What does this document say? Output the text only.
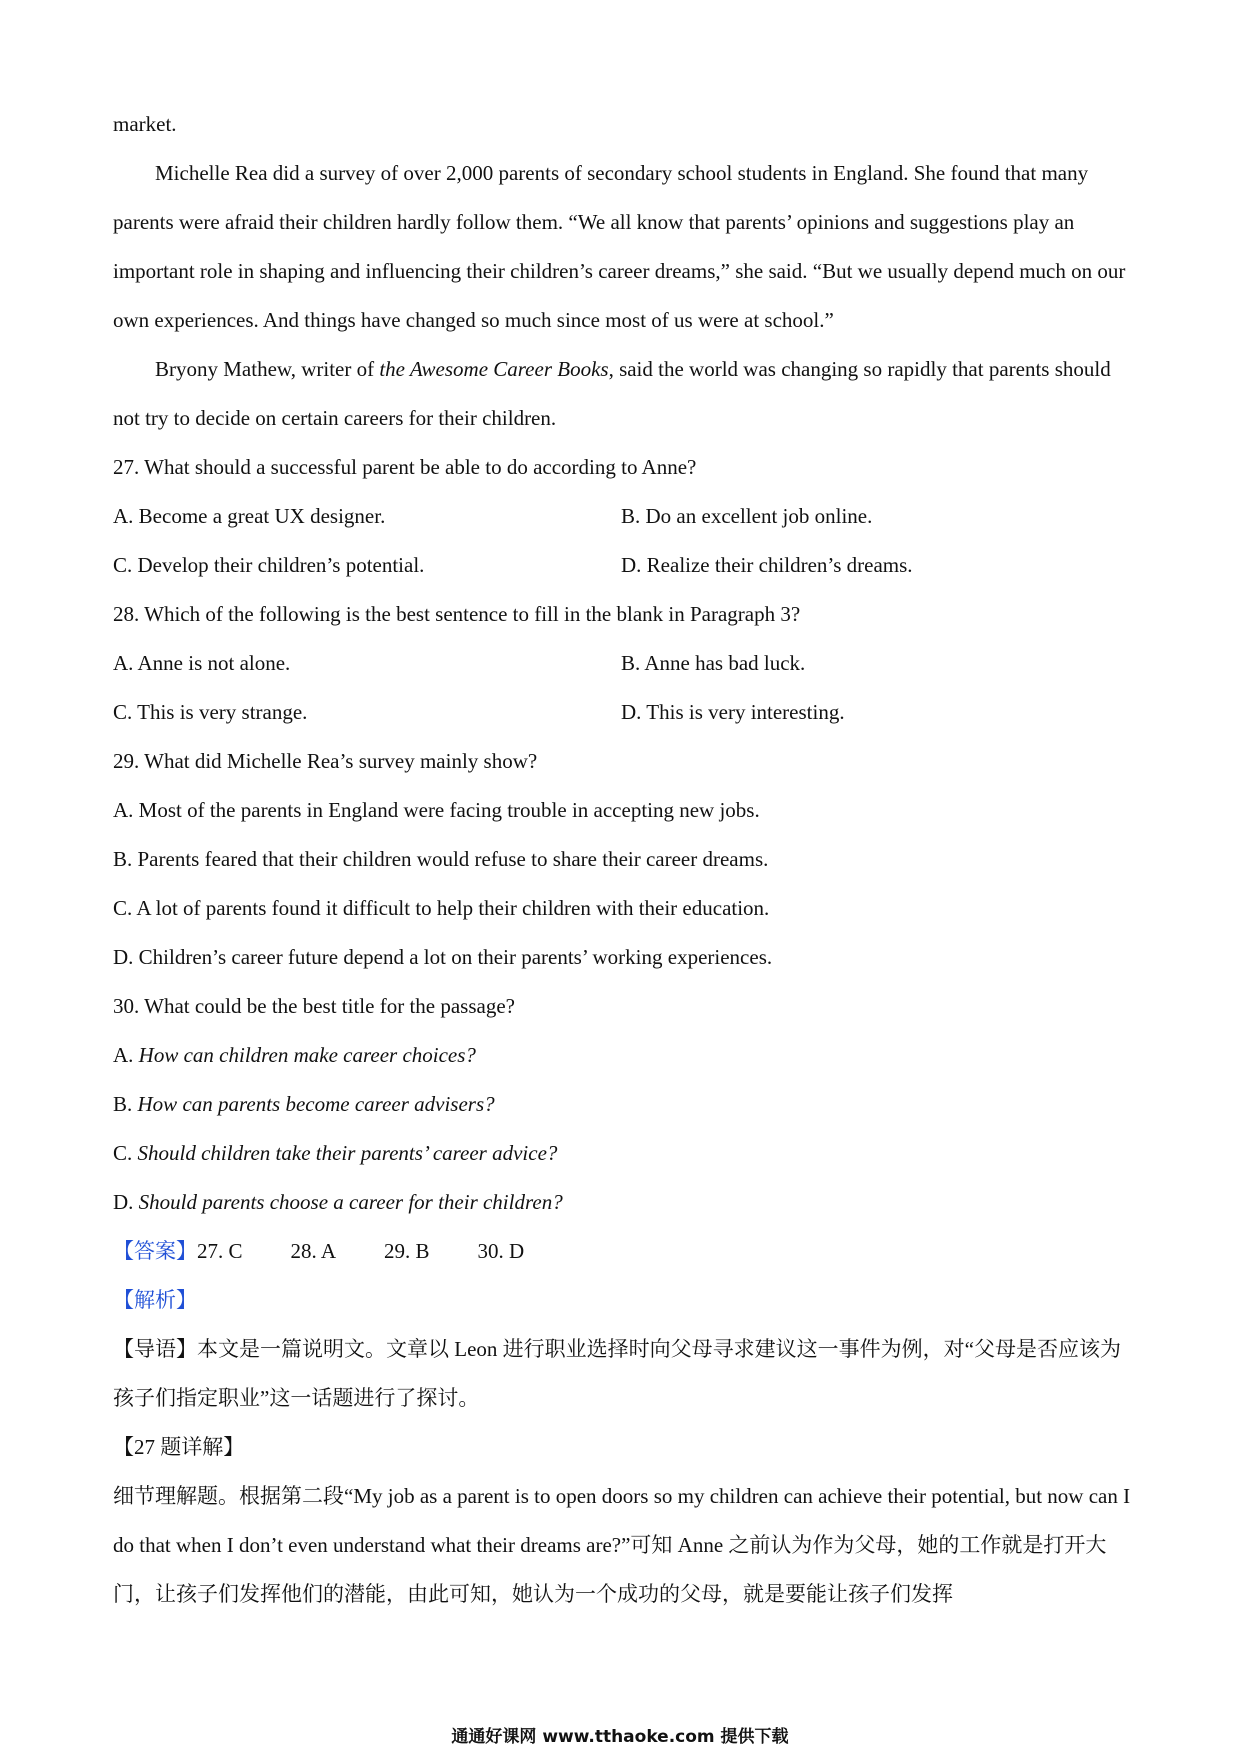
market.

Michelle Rea did a survey of over 2,000 parents of secondary school students in England. She found that many parents were afraid their children hardly follow them. “We all know that parents’ opinions and suggestions play an important role in shaping and influencing their children’s career dreams,” she said. “But we usually depend much on our own experiences. And things have changed so much since most of us were at school.”

Bryony Mathew, writer of the Awesome Career Books, said the world was changing so rapidly that parents should not try to decide on certain careers for their children.

27. What should a successful parent be able to do according to Anne?

A. Become a great UX designer.	B. Do an excellent job online.
C. Develop their children’s potential.	D. Realize their children’s dreams.

28. Which of the following is the best sentence to fill in the blank in Paragraph 3?

A. Anne is not alone.	B. Anne has bad luck.
C. This is very strange.	D. This is very interesting.

29. What did Michelle Rea’s survey mainly show?

A. Most of the parents in England were facing trouble in accepting new jobs.

B. Parents feared that their children would refuse to share their career dreams.

C. A lot of parents found it difficult to help their children with their education.

D. Children’s career future depend a lot on their parents’ working experiences.

30. What could be the best title for the passage?

A. How can children make career choices?

B. How can parents become career advisers?

C. Should children take their parents’ career advice?

D. Should parents choose a career for their children?

【答案】27. C 28. A 29. B 30. D

【解析】

【导语】本文是一篇说明文。文章以 Leon 进行职业选择时向父母寻求建议这一事件为例，对“父母是否应该为孩子们指定职业”这一话题进行了探讨。

【27 题详解】

细节理解题。根据第二段“My job as a parent is to open doors so my children can achieve their potential, but now can I do that when I don’t even understand what their dreams are?”可知 Anne 之前认为作为父母，她的工作就是打开大门，让孩子们发挥他们的潜能，由此可知，她认为一个成功的父母，就是要能让孩子们发挥

通通好课网 www.tthaoke.com 提供下载
